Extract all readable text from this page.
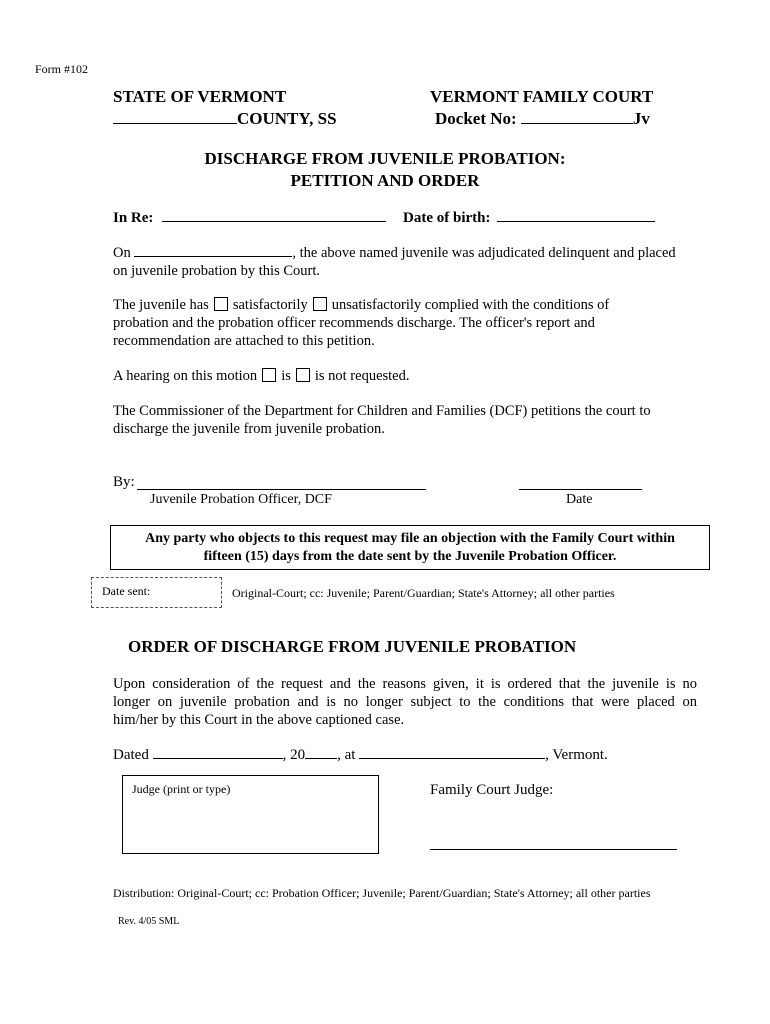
Form #102
STATE OF VERMONT
COUNTY, SS
VERMONT FAMILY COURT
Docket No:	Jv
DISCHARGE FROM JUVENILE PROBATION:
PETITION AND ORDER
In Re:	Date of birth:
On	, the above named juvenile was adjudicated delinquent and placed
on juvenile probation by this Court.
The juvenile has satisfactorily unsatisfactorily complied with the conditions of
probation and the probation officer recommends discharge. The officer's report and
recommendation are attached to this petition.
A hearing on this motion is is not requested.
The Commissioner of the Department for Children and Families (DCF) petitions the court to
discharge the juvenile from juvenile probation.
By:
Juvenile Probation Officer, DCF	Date
Any party who objects to this request may file an objection with the Family Court within
fifteen (15) days from the date sent by the Juvenile Probation Officer.
Date sent:	Original-Court; cc: Juvenile; Parent/Guardian; State's Attorney; all other parties
ORDER OF DISCHARGE FROM JUVENILE PROBATION
Upon consideration of the request and the reasons given, it is ordered that the juvenile is no
longer on juvenile probation and is no longer subject to the conditions that were placed on
him/her by this Court in the above captioned case.
Dated	, 20 , at	, Vermont.
Judge (print or type)	Family Court Judge:
Distribution: Original-Court; cc: Probation Officer; Juvenile; Parent/Guardian; State's Attorney; all other parties
Rev. 4/05 SML
